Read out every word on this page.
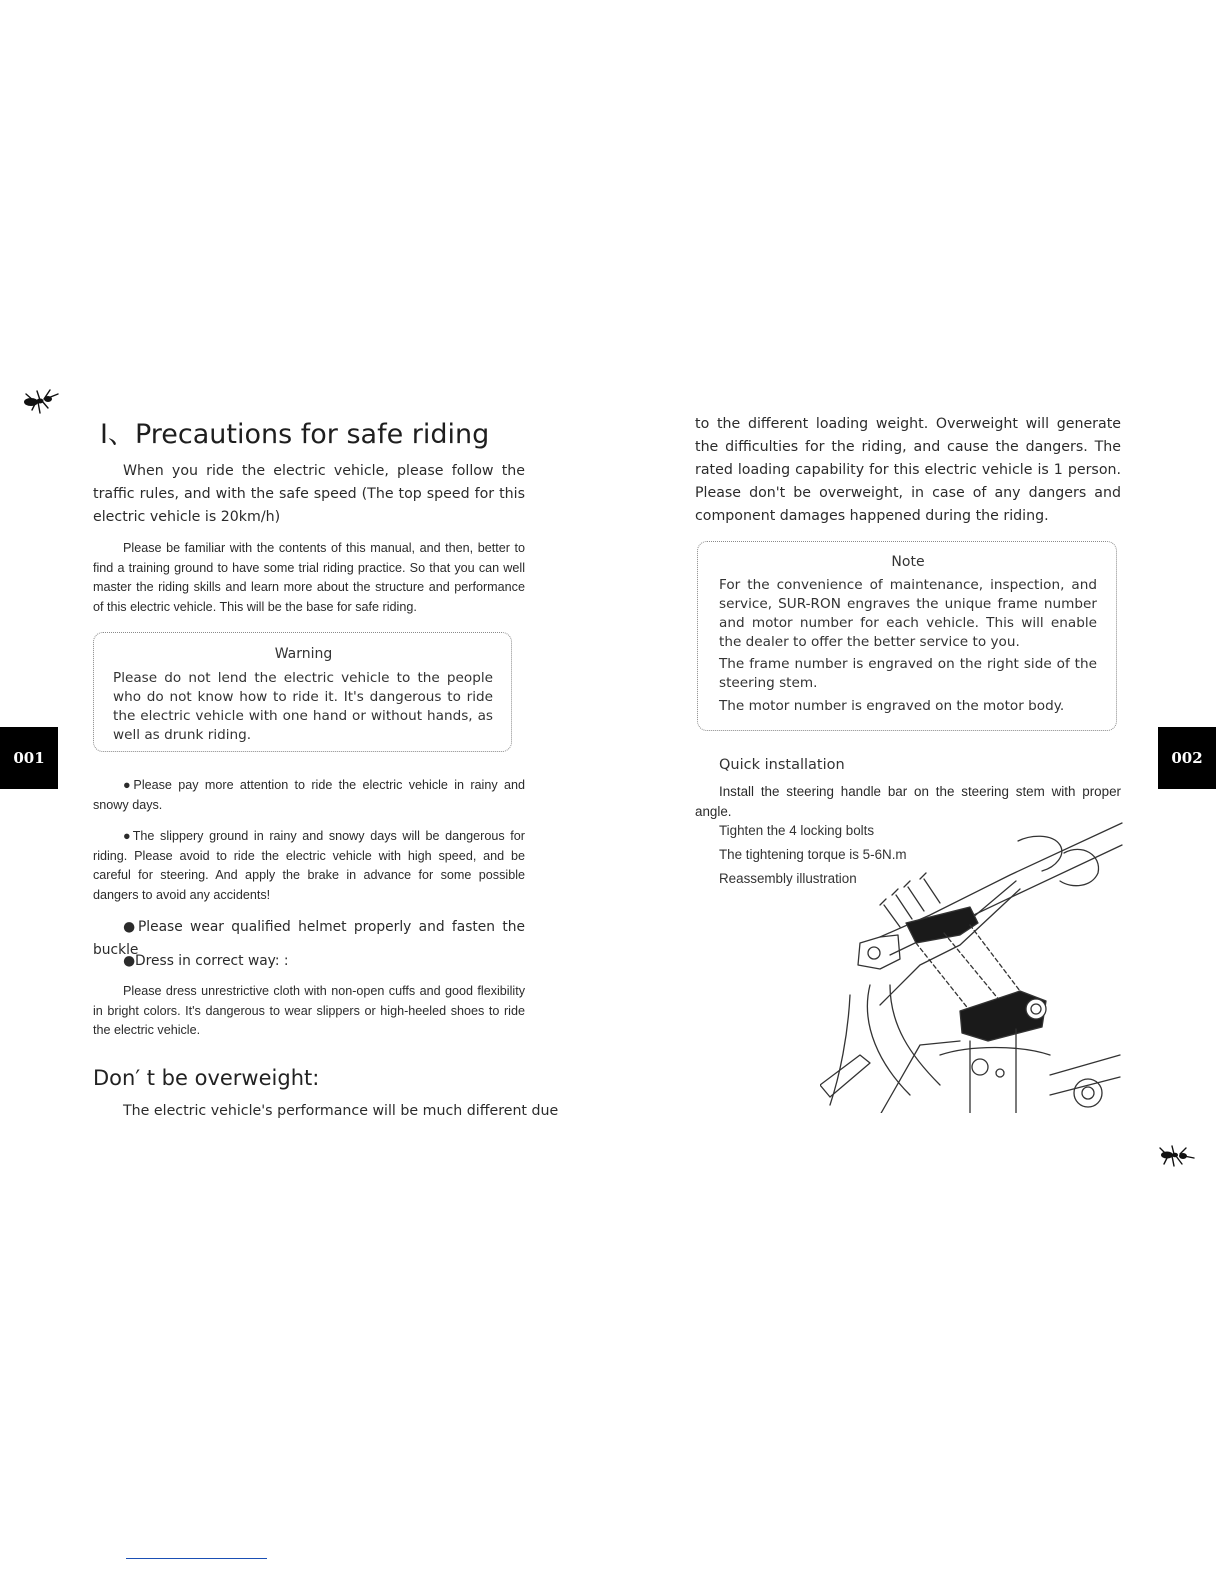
I、Precautions for safe riding
When you ride the electric vehicle, please follow the traffic rules, and with the safe speed (The top speed for this electric vehicle is 20km/h)
Please be familiar with the contents of this manual, and then, better to find a training ground to have some trial riding practice. So that you can well master the riding skills and learn more about the structure and performance of this electric vehicle. This will be the base for safe riding.
Warning
Please do not lend the electric vehicle to the people who do not know how to ride it. It's dangerous to ride the electric vehicle with one hand or without hands, as well as drunk riding.
001
●Please pay more attention to ride the electric vehicle in rainy and snowy days.
●The slippery ground in rainy and snowy days will be dangerous for riding. Please avoid to ride the electric vehicle with high speed, and be careful for steering. And apply the brake in advance for some possible dangers to avoid any accidents!
●Please wear qualified helmet properly and fasten the buckle
●Dress in correct way: :
Please dress unrestrictive cloth with non-open cuffs and good flexibility in bright colors. It's dangerous to wear slippers or high-heeled shoes to ride the electric vehicle.
Don′ t be overweight:
The electric vehicle's performance will be much different due
to the different loading weight. Overweight will generate the difficulties for the riding, and cause the dangers. The rated loading capability for this electric vehicle is 1 person. Please don't be overweight, in case of any dangers and component damages happened during the riding.
Note
For the convenience of maintenance, inspection, and service, SUR-RON engraves the unique frame number and motor number for each vehicle. This will enable the dealer to offer the better service to you.
The frame number is engraved on the right side of the steering stem.
The motor number is engraved on the motor body.
002
Quick installation
Install the steering handle bar on the steering stem with proper angle.
Tighten the 4 locking bolts
The tightening torque is 5-6N.m
Reassembly illustration
